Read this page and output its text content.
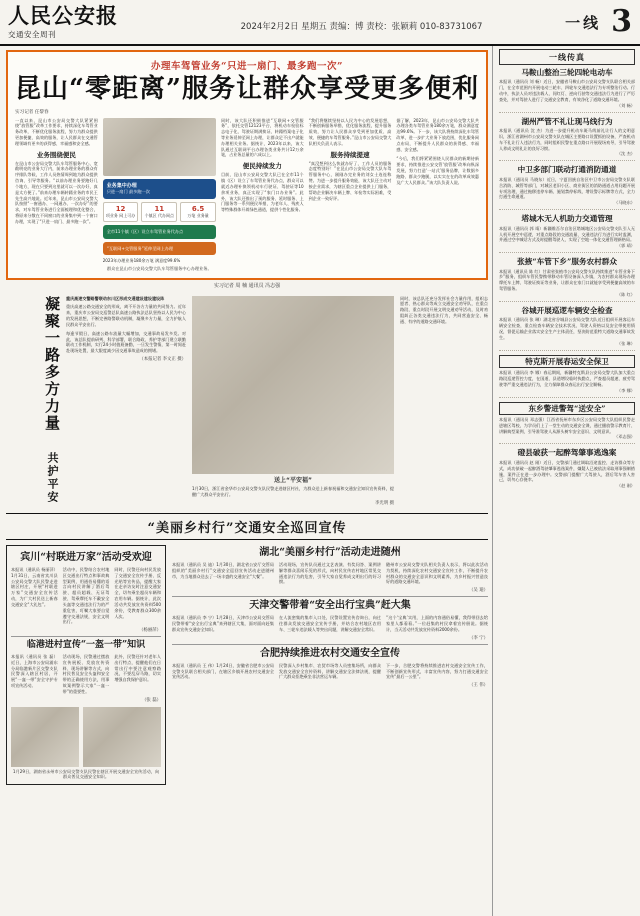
人民公安报
交通安全周刊
2024年2月2日 星期五 责编：博 责校：张颖莉 010-83731067	一线 3
办理车驾管业务“只进一扇门、最多跑一次”
昆山“零距离”服务让群众享受更多便利
实习记者 任黎春
一直以来，昆山市公安局交警大队紧紧围绕“放管服”改革工作要求，持续深化车驾管业务改革，不断优化服务流程，努力为群众提供更加便捷、高效的服务，让人民群众在交通管理领域有更多的获得感、幸福感和安全感。
业务围绕便民
在昆山市公安局交警大队车驾管服务中心，宽敞明亮的业务大厅内，前来办理业务的群众有序排队等候，工作人员热情周到地为群众提供咨询、引导等服务。“以前办理业务要跑好几个地方，现在只要到这里就可以一次办好，真是太方便了。”前来办理车辆转籍业务的市民王先生高兴地说。近年来，昆山市公安局交警大队按照“一窗通办、一网通办、一次办好”的要求，对车驾管业务进行全面梳理和优化整合，将原来分散在不同窗口的业务集中到一个窗口办理，实现了“只进一扇门、最多跑一次”。
业务集中办理
只进一扇门 最多跑一次
12
项业务 网上可办
11
个镇区 代办网点
6.5
万笔 业务量
全市11个镇（区）设立车驾管业务代办点
“互联网+交管服务”延伸至网上办理
2023年办理业务180余万笔 满意度99.6%
群众在昆山市公安局交警大队车驾管服务中心办理业务。
同时，该大队还积极推进“互联网+交管服务”，依托交管12123平台，将机动车检验标志电子化、驾驶证期满换证、转籍档案电子化等业务延伸至网上办理，让群众足不出户就能办理相关业务。据统计，2023年以来，该大队通过互联网平台办理各类业务共计12万余笔，占业务总量的六成以上。
便民持续发力
目前，昆山市公安局交警大队已在全市11个镇（区）设立了车驾管业务代办点，群众可以就近办理补换领机动车行驶证、驾驶证等10余项业务，真正实现了“家门口办业务”。此外，该大队还推出了预约服务、延时服务、上门服务等一系列便民举措，为老年人、残疾人等特殊群体开辟绿色通道，提供个性化服务。
“我们将继续坚持以人民为中心的发展思想，不断创新服务举措，优化服务流程，提升服务质效，努力让人民群众享受到更加优质、高效、便捷的车驾管服务。”昆山市公安局交警大队相关负责人表示。
服务持续提速
“真没想到这么快就办好了，工作人员的服务态度特别好！”在昆山市公安局交警大队车驾管服务中心，刚刚办完业务的刘女士连连称赞。为进一步提升服务效能，该大队还主动对接企业需求，为辖区重点企业提供上门服务，帮助企业解决车辆上牌、年检等实际困难，受到企业一致好评。
据了解，2023年，昆山市公安局交警大队共办理各类车驾管业务180余万笔，群众满意度达99.6%。下一步，该大队将持续深化车驾管改革，进一步扩大业务下放范围，优化服务网点布局，不断提升人民群众的获得感、幸福感、安全感。
“今后，我们将紧紧围绕人民群众的新期待新要求，持续推进公安交管‘放管服’改革向纵深发展，努力打造‘一站式’服务品牌，让数据多跑路、群众少跑腿，以实实在在的改革成效惠及广大人民群众。”该大队负责人说。
实习记者 周 楠 通讯员 冯志强
凝聚一路多方力量 共护平安
重庆高速交警路警联动东川区形成交通建设建设建设阵
重庆高速公路交通安全的形成，离不开各方力量的共同努力。近年来，重庆市公安局交巡警总队高速公路执法总队坚持以人民为中心的发展思想，不断完善路警联动机制，凝聚多方力量，全力护航人民群众平安出行。
每逢节假日，高速公路车流量大幅增加，交通事故易发多发。对此，该总队提前研判、科学部署，联合路政、养护等部门建立联勤联动工作机制，实行24小时值班备勤，一旦发生警情，第一时间赶赴现场处置，最大限度减少因交通事故造成的拥堵。
（本报记者 李文正 摄）
送上“平安福”
1月30日，浙江省金华市公安局交警支队民警走进辖区村社，为群众送上新春祝福和交通安全知识宣传资料，提醒广大群众平安出行。
李光明 摄
同时，该总队还充分发挥社会力量作用，组织志愿者、热心群众等成立交通安全劝导队，在重点路段、重点时段开展文明交通劝导活动，及时劝阻纠正各类交通违法行为，共同营造安全、畅通、有序的道路交通环境。
“美丽乡村行”交通安全巡回宣传
宾川“村联进万家”活动受欢迎
本报讯（通讯员 杨丽萍）1月31日，云南省宾川县公安局交警大队民警走进辖区村庄，开展“村联进万家”交通安全宣传活动，为广大村民送上新春交通安全“大礼包”。
活动中，民警结合农村地区交通出行特点和事故典型案例，用通俗易懂的语言向村民讲解了酒后驾驶、超员超载、无证驾驶、驾乘摩托车不戴安全头盔等交通违法行为的严重危害，叮嘱大家要自觉遵守交通法规，安全文明出行。
同时，民警还向村民发放了交通安全宣传手册、反光贴等宣传品，提醒大家在走亲访友时注意交通安全，切勿乘坐超员车辆和农用车辆。据统计，此次活动共发放宣传资料500余份，受教育群众300余人次。
（杨丽萍）
临港进村宣传“一盔一带”知识
本报讯（通讯员 张 磊）近日，上海市公安局浦东分局临港新片区交警支队民警深入辖区村居，开展“一盔一带”安全守护专项宣传活动。
活动现场，民警通过摆放宣传展板、发放宣传资料、现场讲解等方式，向村民普及安全头盔和安全带的正确使用方法，用事故案例警示大家“一盔一带”的重要性。
此外，民警还针对老年人出行特点，提醒他们在日常出行中要注意观察路况，不要乱穿马路，切实增强自我保护意识。
（张 磊）
1月29日，湖南省永州市公安局交警支队民警在辖区开展交通安全宣传活动，向群众普及交通安全知识。
湖北“美丽乡村行”活动走进随州
本报讯（通讯员 吴 迪）1月30日，湖北省公安厅交管局组织的“美丽乡村行”交通安全巡回宣传活动走进随州市，为当地群众送去了一场丰盛的交通安全“大餐”。
活动现场，宣传队员通过文艺表演、有奖问答、案例讲解等群众喜闻乐见的形式，向村民宣传农村地区常见交通违法行为的危害，引导大家自觉养成文明出行的好习惯。
随州市公安局交警支队相关负责人表示，将以此次活动为契机，持续深化农村交通安全宣传工作，不断提升农村群众的交通安全意识和文明素养，为乡村振兴营造良好的道路交通环境。
（吴 迪）
天津交警带着“安全出行宝典”赶大集
本报讯（通讯员 李 宁）1月28日，天津市公安局交管局民警带着“安全出行宝典”来到辖区大集，面对面向赶集群众宣传交通安全知识。
在人流密集的集市入口处，民警设置宣传咨询台，向过往群众发放交通安全宣传手册，并结合农村地区农用车、三轮车违法载人等突出问题，讲解交通安全常识。
“这个‘宝典’实用，上面的内容通俗易懂，我得带回去给家里人都看看。”一位赶集的村民拿着宣传册说。据统计，当天活动共发放宣传资料2000余份。
（李 宁）
合肥持续推进农村交通安全宣传
本报讯（通讯员 王 伟）1月24日，安徽省合肥市公安局交警支队联合相关部门，在辖区乡镇开展农村交通安全宣传活动。
民警深入乡村集市、农贸市场等人员密集场所，向群众发放交通安全宣传资料，讲解交通安全法律法规，提醒广大群众拒绝乘坐非法营运车辆。
下一步，合肥交警将持续推进农村交通安全宣传工作，不断创新宣传形式，丰富宣传内容，努力打通交通安全宣传“最后一公里”。
（王 伟）
一线传真
马鞍山整治三轮四轮电动车
本报讯（通讯员 刘 畅）近日，安徽省马鞍山市公安局交警支队联合相关部门，在全市范围内开展电动三轮车、四轮车交通违法行为专项整治行动。行动中，执法人员对违法载人、闯红灯、逆向行驶等交通违法行为进行了严厉查处，并对驾驶人进行了交通安全教育，有效净化了道路交通环境。
（刘 畅）
湖州严管不礼让现马线行为
本报讯（通讯员 沈 杰）为进一步提升机动车斑马线前礼让行人的文明意识，浙江省湖州市公安局交警支队在城区主要路口设置抓拍设备，严查机动车不礼让行人违法行为，同时组织民警在重点路口开展现场劝导，引导驾驶人养成文明礼让的良好习惯。
（沈 杰）
中卫多部门联动打通消防通道
本报讯（通讯员 马晓东）近日，宁夏回族自治区中卫市公安局交警支队联合消防、城管等部门，对城区老旧小区、商业街区的消防通道占用问题开展专项治理，通过拖移违停车辆、施划禁停标线、增设警示标牌等方式，全力打通生命通道。
（马晓东）
塔城木无人机助力交通管理
本报讯（通讯员 郭 靖）新疆维吾尔自治区塔城地区公安局交警支队引入无人机开展空中巡逻，对重点路段的交通流量、交通违法行为进行实时监测，并通过空中喊话方式及时提醒驾驶人，实现了空地一体化交通管理新格局。
（郭 靖）
张掖“车管下乡”服务农村群众
本报讯（通讯员 陈 红）甘肃省张掖市公安局交警支队持续推进“车管业务下乡”服务，组织车管民警携带移动车管设备深入乡镇，为农村群众现场办理摩托车上牌、驾驶证换证等业务，让群众在家门口就能享受到便捷高效的车驾管服务。
（陈 红）
谷城开展巡逻车辆安全检查
本报讯（通讯员 张 琳）湖北省谷城县公安局交警大队近日组织开展客运车辆安全检查，重点检查车辆安全技术状况、驾驶人资格以及安全带使用情况，督促运输企业落实安全生产主体责任，坚决防范重特大道路交通事故发生。
（张 琳）
特克斯开展春运安全保卫
本报讯（通讯员 李 娜）春运期间，新疆特克斯县公安局交警大队加大重点路段巡逻管控力度，在国道、县道增设临时执勤点，严查超员超速、疲劳驾驶等严重交通违法行为，全力保障群众春运出行安全顺畅。
（李 娜）
东乡警进警驾“送安全”
本报讯（通讯员 邓志强）江西省抚州市东乡区公安局交警大队组织民警走进辖区驾校，为学员们上了一堂生动的交通安全课，通过播放警示教育片、讲解典型案例，引导准驾驶人从源头树牢安全意识、文明意识。
（邓志强）
磴县破获一起醉驾肇事逃逸案
本报讯（通讯员 赵 刚）近日，交警部门通过调取沿途监控、走访群众等方式，成功侦破一起醉酒驾驶肇事逃逸案件，嫌疑人已被依法采取刑事强制措施，案件正在进一步办理中。交警部门提醒广大驾驶人，酒后驾车害人害己，切勿心存侥幸。
（赵 刚）
